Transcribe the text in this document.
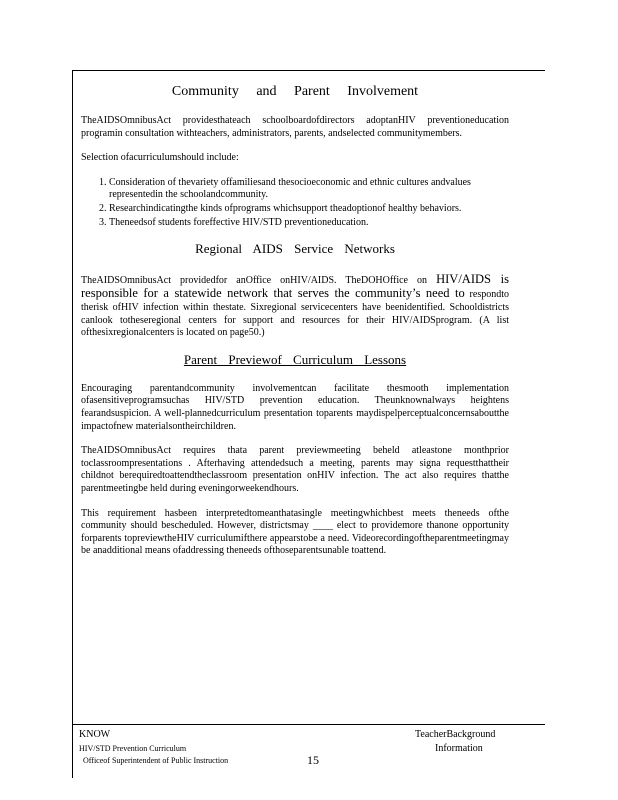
Community and Parent Involvement

TheAIDSOmnibusAct providesthateach schoolboardofdirectors adoptanHIV preventioneducation programin consultation withteachers, administrators, parents, andselected communitymembers.

Selection ofacurriculumshould include:

1. Consideration of thevariety offamiliesand thesocioeconomic and ethnic cultures andvalues representedin the schoolandcommunity.
2. Researchindicatingthe kinds ofprograms whichsupport theadoptionof healthy behaviors.
3. Theneedsof students foreffective HIV/STD preventioneducation.
Regional AIDS Service Networks

TheAIDSOmnibusAct providedfor anOffice onHIV/AIDS. TheDOHOffice on HIV/AIDS is responsible for a statewide network that serves the community’s need to respondto therisk ofHIV infection within thestate. Sixregional servicecenters have beenidentified. Schooldistricts canlook totheseregional centers for support and resources for their HIV/AIDSprogram. (A list ofthesixregionalcenters is located on page50.)

Parent Previewof Curriculum Lessons

Encouraging parentandcommunity involvementcan facilitate thesmooth implementation ofasensitiveprogramsuchas HIV/STD prevention education. Theunknownalways heightens fearandsuspicion. A well-plannedcurriculum presentation toparents maydispelperceptualconcernsaboutthe impactofnew materialsontheirchildren.

TheAIDSOmnibusAct requires thata parent previewmeeting beheld atleastone monthprior toclassroompresentations . Afterhaving attendedsuch a meeting, parents may signa requestthattheir childnot berequiredtoattendtheclassroom presentation onHIV infection. The act also requires thatthe parentmeetingbe held during eveningorweekendhours.

This requirement hasbeen interpretedtomeanthatasingle meetingwhichbest meets theneeds ofthe community should bescheduled. However, districtsmay ____ elect to providemore thanone opportunity forparents topreviewtheHIV curriculumifthere appearstobe a need. Videorecordingoftheparentmeetingmay be anadditional means ofaddressing theneeds ofthoseparentsunable toattend.

KNOW
HIV/STD Prevention Curriculum
Officeof Superintendent of Public Instruction	15
TeacherBackground
Information
